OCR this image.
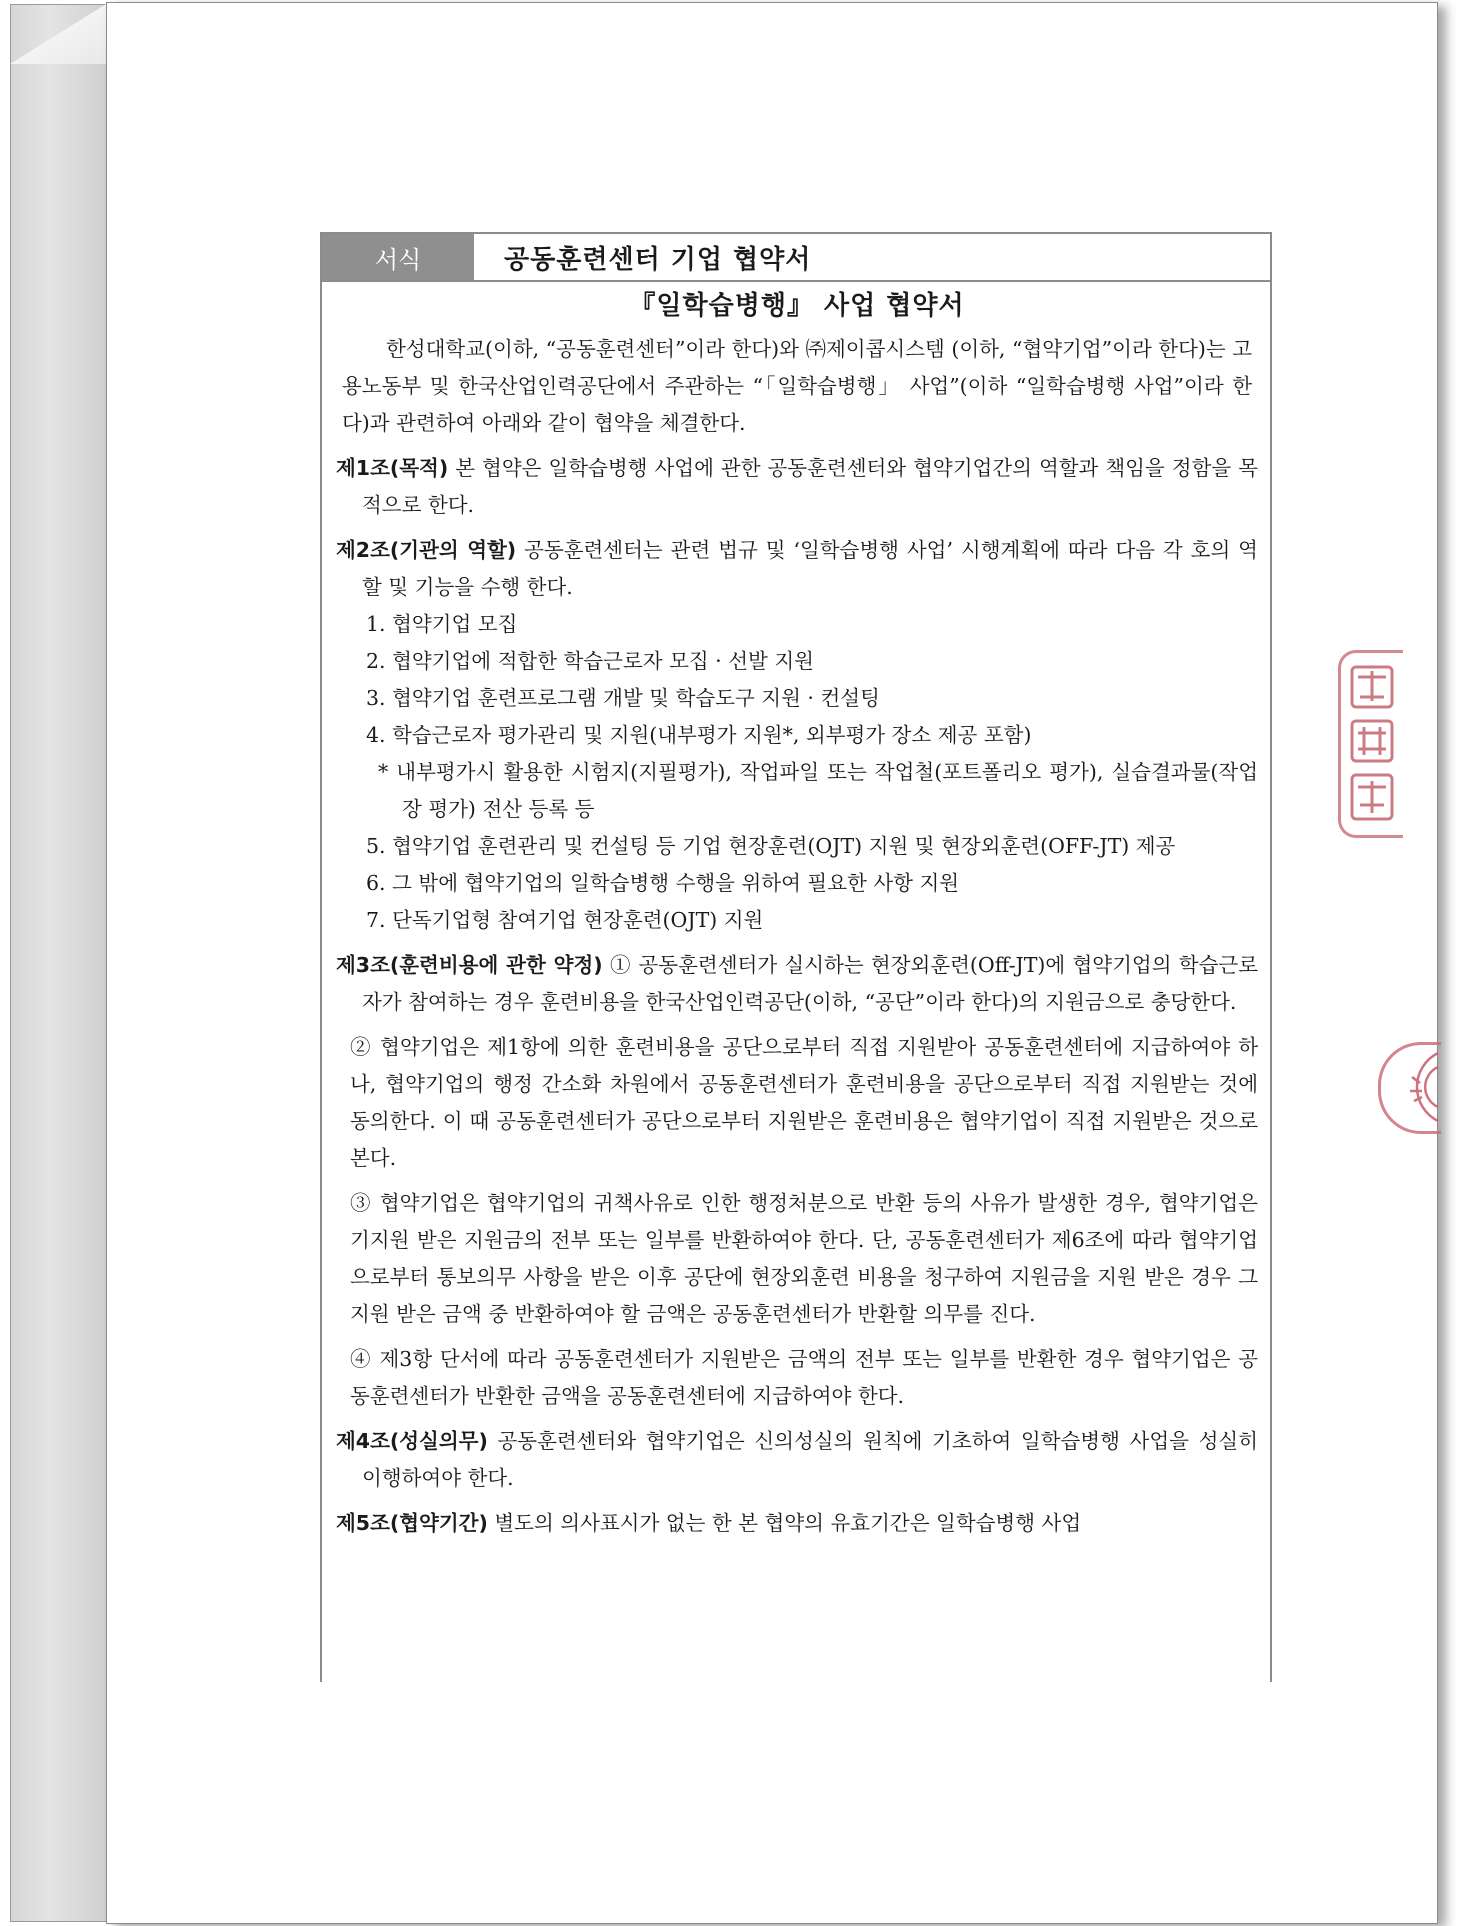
서식	공동훈련센터 기업 협약서
『일학습병행』 사업 협약서
한성대학교(이하, “공동훈련센터”이라 한다)와 ㈜제이콥시스템 (이하, “협약기업”이라 한다)는 고용노동부 및 한국산업인력공단에서 주관하는 “「일학습병행」 사업”(이하 “일학습병행 사업”이라 한다)과 관련하여 아래와 같이 협약을 체결한다.
제1조(목적) 본 협약은 일학습병행 사업에 관한 공동훈련센터와 협약기업간의 역할과 책임을 정함을 목적으로 한다.
제2조(기관의 역할) 공동훈련센터는 관련 법규 및 ‘일학습병행 사업’ 시행계획에 따라 다음 각 호의 역할 및 기능을 수행 한다.
1. 협약기업 모집
2. 협약기업에 적합한 학습근로자 모집 · 선발 지원
3. 협약기업 훈련프로그램 개발 및 학습도구 지원 · 컨설팅
4. 학습근로자 평가관리 및 지원(내부평가 지원*, 외부평가 장소 제공 포함)
* 내부평가시 활용한 시험지(지필평가), 작업파일 또는 작업철(포트폴리오 평가), 실습결과물(작업장 평가) 전산 등록 등
5. 협약기업 훈련관리 및 컨설팅 등 기업 현장훈련(OJT) 지원 및 현장외훈련(OFF-JT) 제공
6. 그 밖에 협약기업의 일학습병행 수행을 위하여 필요한 사항 지원
7. 단독기업형 참여기업 현장훈련(OJT) 지원
제3조(훈련비용에 관한 약정) ① 공동훈련센터가 실시하는 현장외훈련(Off-JT)에 협약기업의 학습근로자가 참여하는 경우 훈련비용을 한국산업인력공단(이하, “공단”이라 한다)의 지원금으로 충당한다.
② 협약기업은 제1항에 의한 훈련비용을 공단으로부터 직접 지원받아 공동훈련센터에 지급하여야 하나, 협약기업의 행정 간소화 차원에서 공동훈련센터가 훈련비용을 공단으로부터 직접 지원받는 것에 동의한다. 이 때 공동훈련센터가 공단으로부터 지원받은 훈련비용은 협약기업이 직접 지원받은 것으로 본다.
③ 협약기업은 협약기업의 귀책사유로 인한 행정처분으로 반환 등의 사유가 발생한 경우, 협약기업은 기지원 받은 지원금의 전부 또는 일부를 반환하여야 한다. 단, 공동훈련센터가 제6조에 따라 협약기업으로부터 통보의무 사항을 받은 이후 공단에 현장외훈련 비용을 청구하여 지원금을 지원 받은 경우 그 지원 받은 금액 중 반환하여야 할 금액은 공동훈련센터가 반환할 의무를 진다.
④ 제3항 단서에 따라 공동훈련센터가 지원받은 금액의 전부 또는 일부를 반환한 경우 협약기업은 공동훈련센터가 반환한 금액을 공동훈련센터에 지급하여야 한다.
제4조(성실의무) 공동훈련센터와 협약기업은 신의성실의 원칙에 기초하여 일학습병행 사업을 성실히 이행하여야 한다.
제5조(협약기간) 별도의 의사표시가 없는 한 본 협약의 유효기간은 일학습병행 사업
